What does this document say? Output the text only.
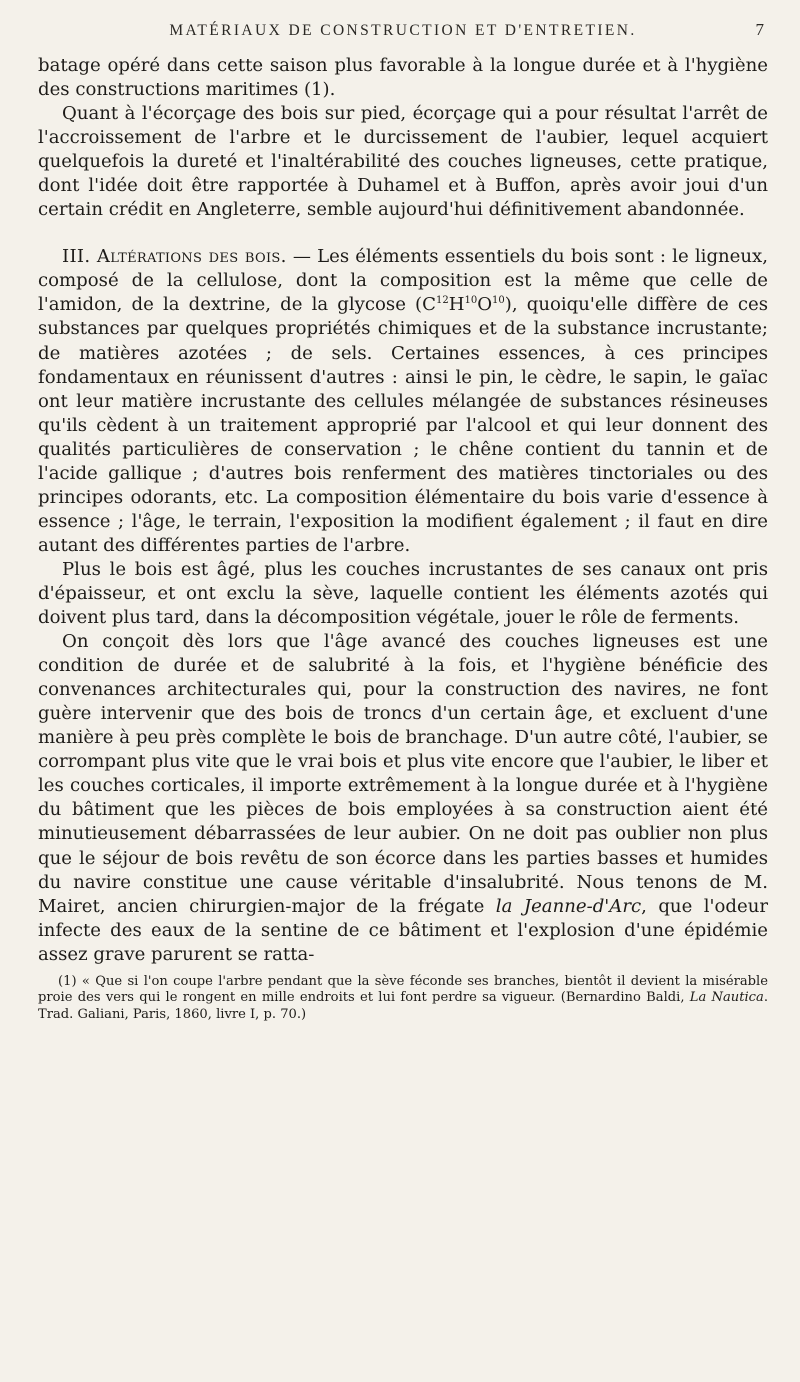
MATÉRIAUX DE CONSTRUCTION ET D'ENTRETIEN.	7

batage opéré dans cette saison plus favorable à la longue durée et à l'hygiène des constructions maritimes (1).

Quant à l'écorçage des bois sur pied, écorçage qui a pour résultat l'arrêt de l'accroissement de l'arbre et le durcissement de l'aubier, lequel acquiert quelquefois la dureté et l'inaltérabilité des couches ligneuses, cette pratique, dont l'idée doit être rapportée à Duhamel et à Buffon, après avoir joui d'un certain crédit en Angleterre, semble aujourd'hui définitivement abandonnée.

III. Altérations des bois. — Les éléments essentiels du bois sont : le ligneux, composé de la cellulose, dont la composition est la même que celle de l'amidon, de la dextrine, de la glycose $(C^{12}H^{10}O^{10})$, quoiqu'elle diffère de ces substances par quelques propriétés chimiques et de la substance incrustante; de matières azotées ; de sels. Certaines essences, à ces principes fondamentaux en réunissent d'autres : ainsi le pin, le cèdre, le sapin, le gaïac ont leur matière incrustante des cellules mélangée de substances résineuses qu'ils cèdent à un traitement approprié par l'alcool et qui leur donnent des qualités particulières de conservation ; le chêne contient du tannin et de l'acide gallique ; d'autres bois renferment des matières tinctoriales ou des principes odorants, etc. La composition élémentaire du bois varie d'essence à essence ; l'âge, le terrain, l'exposition la modifient également ; il faut en dire autant des différentes parties de l'arbre.

Plus le bois est âgé, plus les couches incrustantes de ses canaux ont pris d'épaisseur, et ont exclu la sève, laquelle contient les éléments azotés qui doivent plus tard, dans la décomposition végétale, jouer le rôle de ferments.

On conçoit dès lors que l'âge avancé des couches ligneuses est une condition de durée et de salubrité à la fois, et l'hygiène bénéficie des convenances architecturales qui, pour la construction des navires, ne font guère intervenir que des bois de troncs d'un certain âge, et excluent d'une manière à peu près complète le bois de branchage. D'un autre côté, l'aubier, se corrompant plus vite que le vrai bois et plus vite encore que l'aubier, le liber et les couches corticales, il importe extrêmement à la longue durée et à l'hygiène du bâtiment que les pièces de bois employées à sa construction aient été minutieusement débarrassées de leur aubier. On ne doit pas oublier non plus que le séjour de bois revêtu de son écorce dans les parties basses et humides du navire constitue une cause véritable d'insalubrité. Nous tenons de M. Mairet, ancien chirurgien-major de la frégate la Jeanne-d'Arc, que l'odeur infecte des eaux de la sentine de ce bâtiment et l'explosion d'une épidémie assez grave parurent se ratta-

(1) « Que si l'on coupe l'arbre pendant que la sève féconde ses branches, bientôt il devient la misérable proie des vers qui le rongent en mille endroits et lui font perdre sa vigueur. (Bernardino Baldi, La Nautica. Trad. Galiani, Paris, 1860, livre I, p. 70.)
